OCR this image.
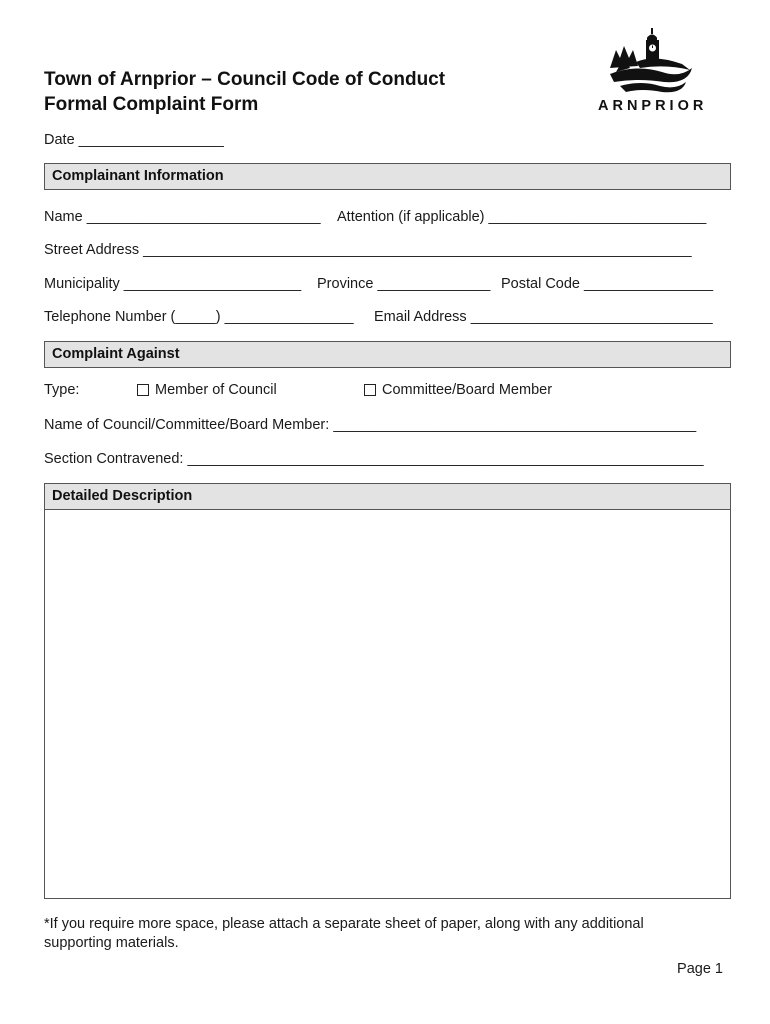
Town of Arnprior – Council Code of Conduct
Formal Complaint Form	ARNPRIOR
Date __________________
Complainant Information
Name _____________________________ Attention (if applicable) ___________________________
Street Address ____________________________________________________________________
Municipality ______________________ Province ______________ Postal Code ________________
Telephone Number (_____) ________________ Email Address ______________________________
Complaint Against
Type:	Member of Council	Committee/Board Member
Name of Council/Committee/Board Member: _____________________________________________
Section Contravened: ________________________________________________________________
Detailed Description
*If you require more space, please attach a separate sheet of paper, along with any additional
supporting materials.
Page 1
